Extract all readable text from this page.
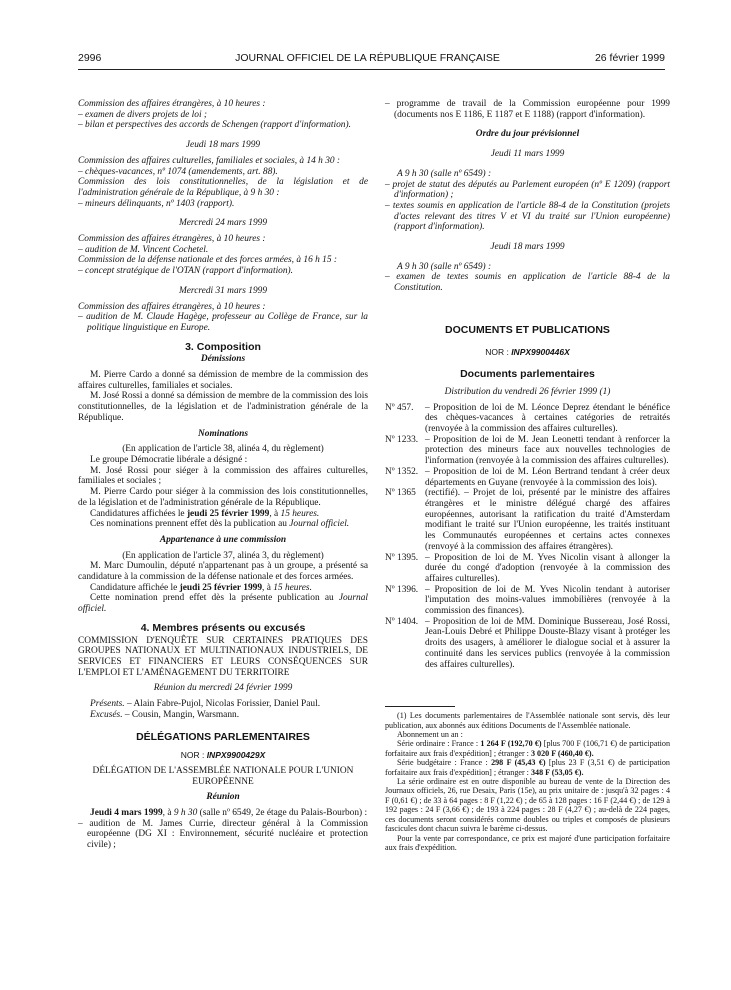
2996	JOURNAL OFFICIEL DE LA RÉPUBLIQUE FRANÇAISE	26 février 1999

Commission des affaires étrangères, à 10 heures :

– examen de divers projets de loi ;

– bilan et perspectives des accords de Schengen (rapport d'information).

Jeudi 18 mars 1999

Commission des affaires culturelles, familiales et sociales, à 14 h 30 :

– chèques-vacances, nº 1074 (amendements, art. 88).

Commission des lois constitutionnelles, de la législation et de l'administration générale de la République, à 9 h 30 :

– mineurs délinquants, nº 1403 (rapport).

Mercredi 24 mars 1999

Commission des affaires étrangères, à 10 heures :

– audition de M. Vincent Cochetel.

Commission de la défense nationale et des forces armées, à 16 h 15 :

– concept stratégique de l'OTAN (rapport d'information).

Mercredi 31 mars 1999

Commission des affaires étrangères, à 10 heures :

– audition de M. Claude Hagège, professeur au Collège de France, sur la politique linguistique en Europe.

3. Composition

Démissions

M. Pierre Cardo a donné sa démission de membre de la commission des affaires culturelles, familiales et sociales.

M. José Rossi a donné sa démission de membre de la commission des lois constitutionnelles, de la législation et de l'administration générale de la République.

Nominations

(En application de l'article 38, alinéa 4, du règlement)

Le groupe Démocratie libérale a désigné :

M. José Rossi pour siéger à la commission des affaires culturelles, familiales et sociales ;

M. Pierre Cardo pour siéger à la commission des lois constitutionnelles, de la législation et de l'administration générale de la République.

Candidatures affichées le jeudi 25 février 1999, à 15 heures.

Ces nominations prennent effet dès la publication au Journal officiel.

Appartenance à une commission

(En application de l'article 37, alinéa 3, du règlement)

M. Marc Dumoulin, député n'appartenant pas à un groupe, a présenté sa candidature à la commission de la défense nationale et des forces armées.

Candidature affichée le jeudi 25 février 1999, à 15 heures.

Cette nomination prend effet dès la présente publication au Journal officiel.

4. Membres présents ou excusés

COMMISSION D'ENQUÊTE SUR CERTAINES PRATIQUES DES GROUPES NATIONAUX ET MULTINATIONAUX INDUSTRIELS, DE SERVICES ET FINANCIERS ET LEURS CONSÉQUENCES SUR L'EMPLOI ET L'AMÉNAGEMENT DU TERRITOIRE

Réunion du mercredi 24 février 1999

Présents. – Alain Fabre-Pujol, Nicolas Forissier, Daniel Paul.

Excusés. – Cousin, Mangin, Warsmann.

DÉLÉGATIONS PARLEMENTAIRES

NOR : INPX9900429X

DÉLÉGATION DE L'ASSEMBLÉE NATIONALE POUR L'UNION EUROPÉENNE

Réunion

Jeudi 4 mars 1999, à 9 h 30 (salle nº 6549, 2e étage du Palais-Bourbon) :

– audition de M. James Currie, directeur général à la Commission européenne (DG XI : Environnement, sécurité nucléaire et protection civile) ;

– programme de travail de la Commission européenne pour 1999 (documents nos E 1186, E 1187 et E 1188) (rapport d'information).

Ordre du jour prévisionnel

Jeudi 11 mars 1999

A 9 h 30 (salle nº 6549) :

– projet de statut des députés au Parlement européen (nº E 1209) (rapport d'information) ;

– textes soumis en application de l'article 88-4 de la Constitution (projets d'actes relevant des titres V et VI du traité sur l'Union européenne) (rapport d'information).

Jeudi 18 mars 1999

A 9 h 30 (salle nº 6549) :

– examen de textes soumis en application de l'article 88-4 de la Constitution.

DOCUMENTS ET PUBLICATIONS

NOR : INPX9900446X

Documents parlementaires

Distribution du vendredi 26 février 1999 (1)

Nº 457.	– Proposition de loi de M. Léonce Deprez étendant le bénéfice des chèques-vacances à certaines catégories de retraités (renvoyée à la commission des affaires culturelles).
Nº 1233. – Proposition de loi de M. Jean Leonetti tendant à renforcer la protection des mineurs face aux nouvelles technologies de l'information (renvoyée à la commission des affaires culturelles).
Nº 1352. – Proposition de loi de M. Léon Bertrand tendant à créer deux départements en Guyane (renvoyée à la commission des lois).
Nº 1365 (rectifié). – Projet de loi, présenté par le ministre des affaires étrangères et le ministre délégué chargé des affaires européennes, autorisant la ratification du traité d'Amsterdam modifiant le traité sur l'Union européenne, les traités instituant les Communautés européennes et certains actes connexes (renvoyé à la commission des affaires étrangères).
Nº 1395. – Proposition de loi de M. Yves Nicolin visant à allonger la durée du congé d'adoption (renvoyée à la commission des affaires culturelles).
Nº 1396. – Proposition de loi de M. Yves Nicolin tendant à autoriser l'imputation des moins-values immobilières (renvoyée à la commission des finances).
Nº 1404. – Proposition de loi de MM. Dominique Bussereau, José Rossi, Jean-Louis Debré et Philippe Douste-Blazy visant à protéger les droits des usagers, à améliorer le dialogue social et à assurer la continuité dans les services publics (renvoyée à la commission des affaires culturelles).

(1) Les documents parlementaires de l'Assemblée nationale sont servis, dès leur publication, aux abonnés aux éditions Documents de l'Assemblée nationale.

Abonnement un an :

Série ordinaire : France : 1 264 F (192,70 €) [plus 700 F (106,71 €) de participation forfaitaire aux frais d'expédition] ; étranger : 3 020 F (460,40 €).

Série budgétaire : France : 298 F (45,43 €) [plus 23 F (3,51 €) de participation forfaitaire aux frais d'expédition] ; étranger : 348 F (53,05 €).

La série ordinaire est en outre disponible au bureau de vente de la Direction des Journaux officiels, 26, rue Desaix, Paris (15e), au prix unitaire de : jusqu'à 32 pages : 4 F (0,61 €) ; de 33 à 64 pages : 8 F (1,22 €) ; de 65 à 128 pages : 16 F (2,44 €) ; de 129 à 192 pages : 24 F (3,66 €) ; de 193 à 224 pages : 28 F (4,27 €) ; au-delà de 224 pages, ces documents seront considérés comme doubles ou triples et composés de plusieurs fascicules dont chacun suivra le barème ci-dessus.

Pour la vente par correspondance, ce prix est majoré d'une participation forfaitaire aux frais d'expédition.
